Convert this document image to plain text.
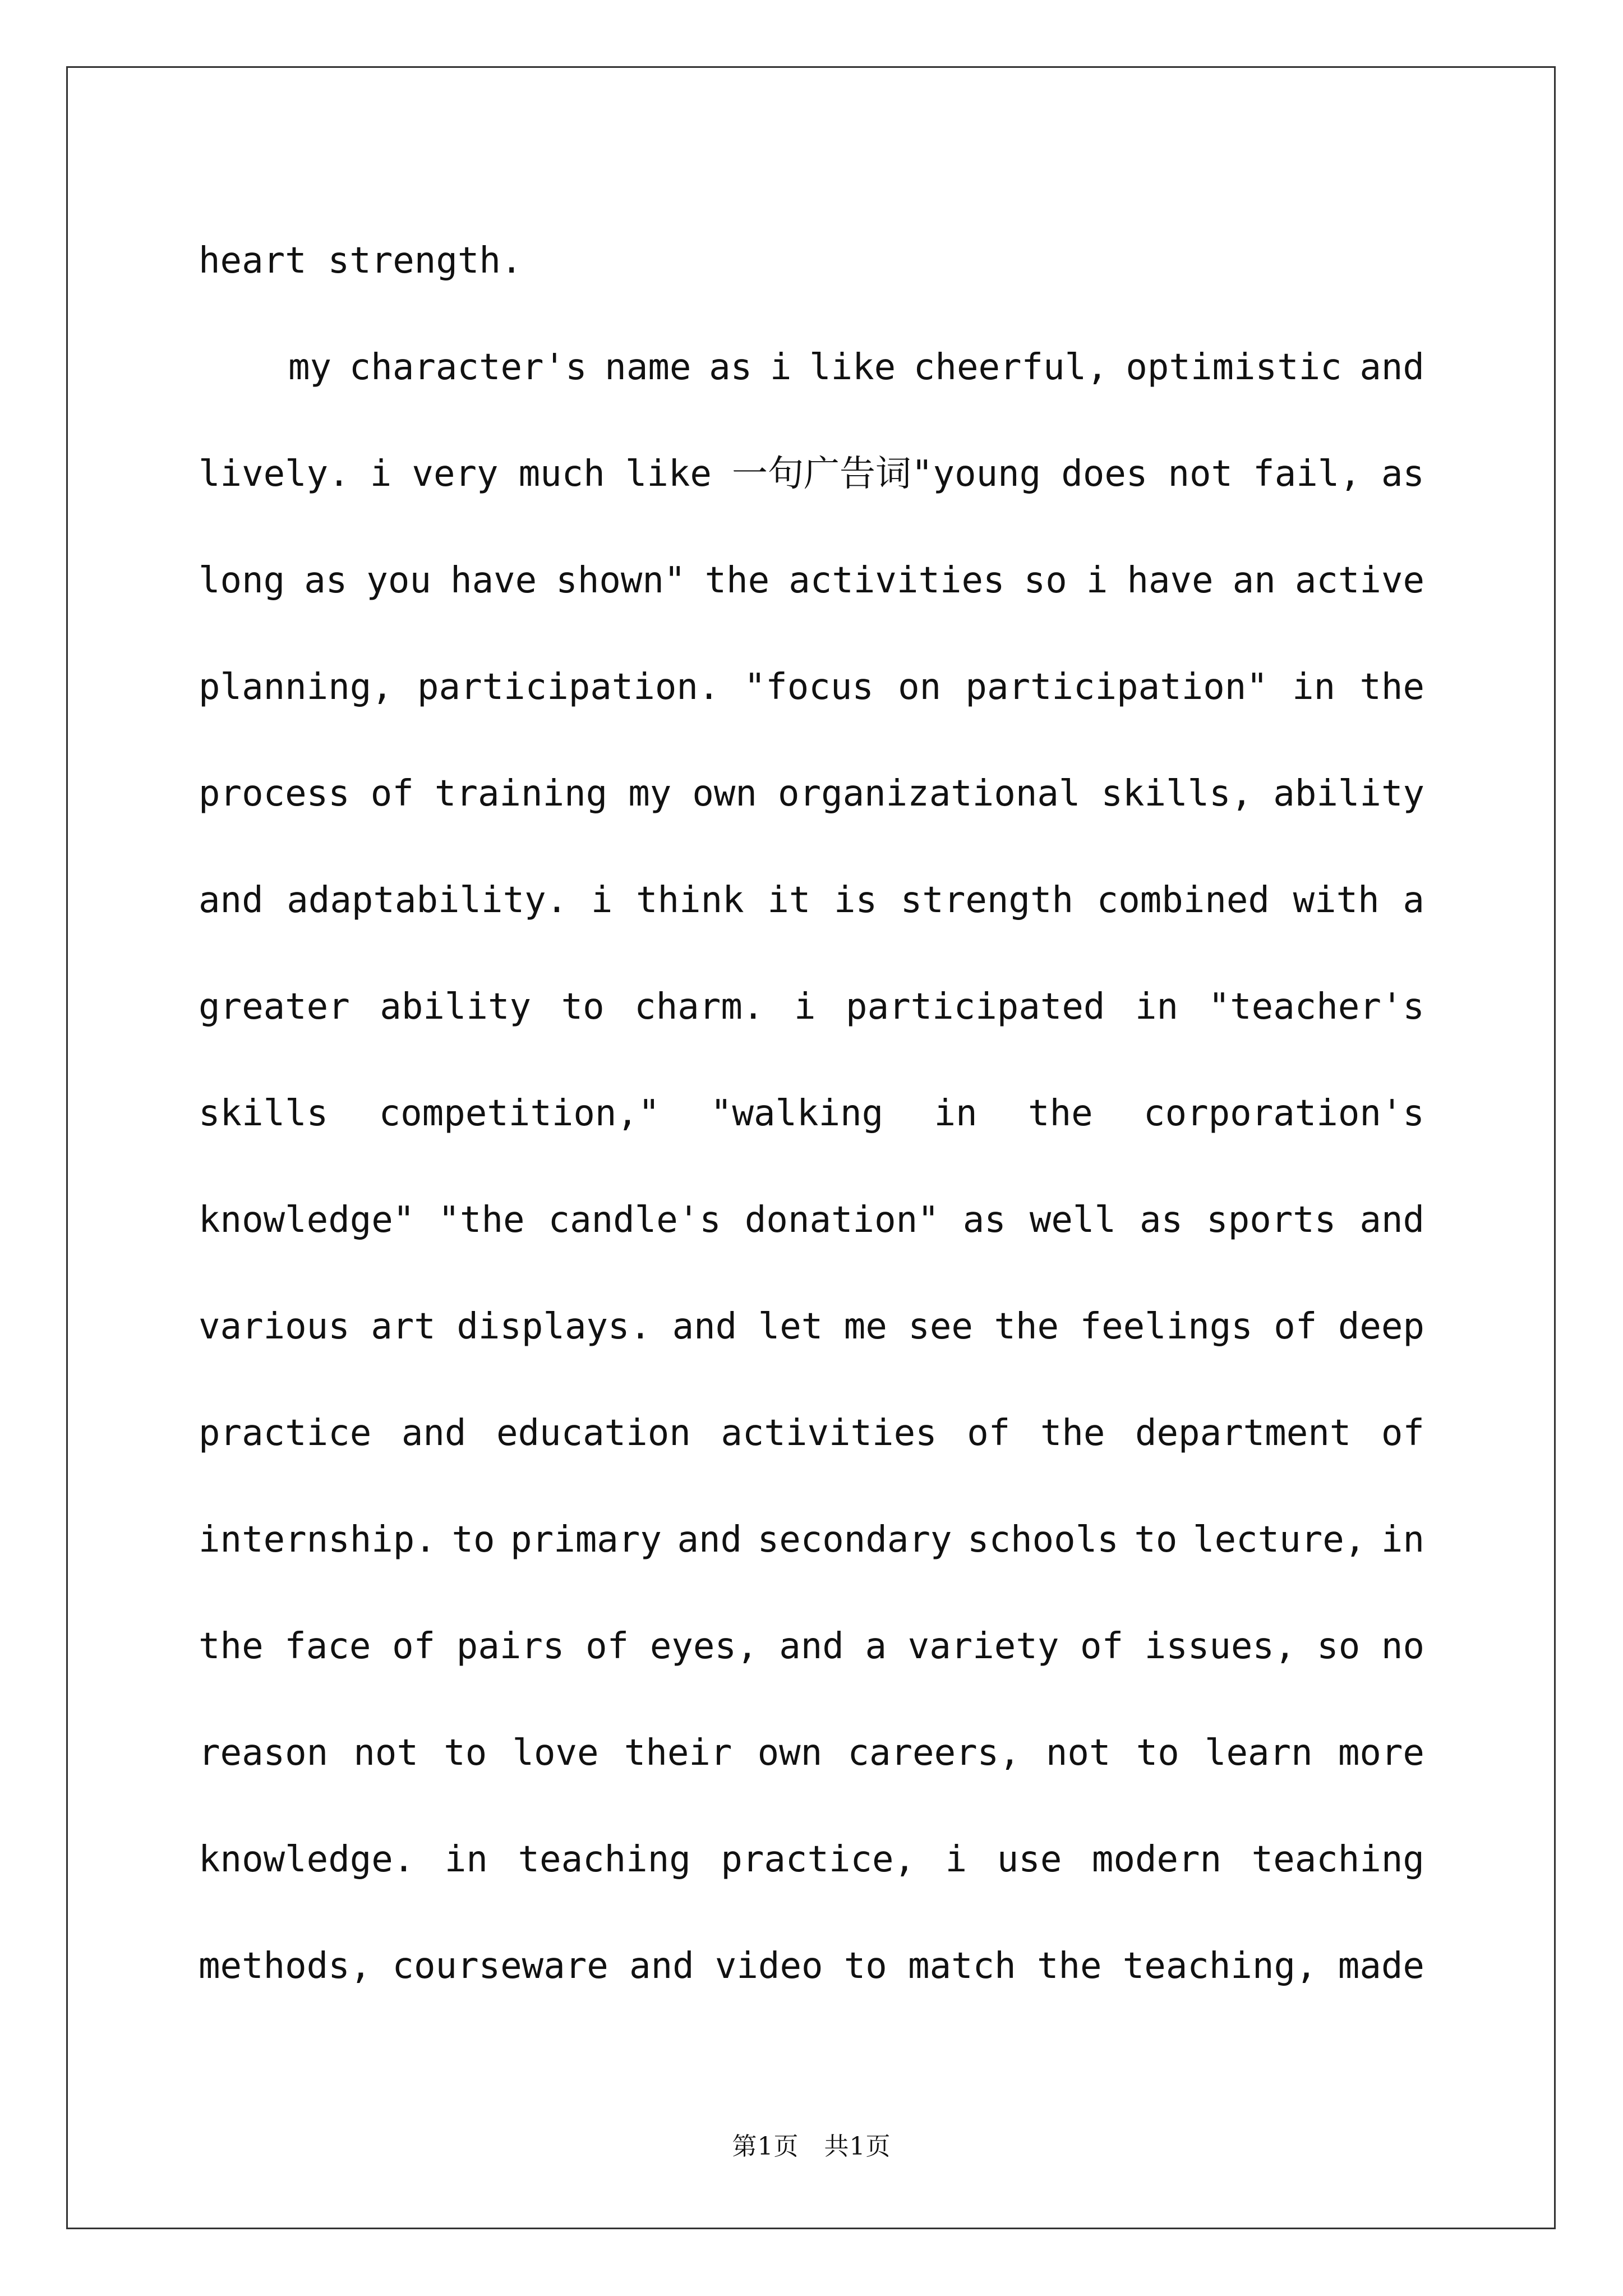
heart strength.
my character's name as i like cheerful, optimistic and
lively. i very much like 一句广告词"young does not fail, as
long as you have shown" the activities so i have an active
planning, participation. "focus on participation" in the
process of training my own organizational skills, ability
and adaptability. i think it is strength combined with a
greater ability to charm. i participated in "teacher's
skills competition," "walking in the corporation's
knowledge" "the candle's donation" as well as sports and
various art displays. and let me see the feelings of deep
practice and education activities of the department of
internship. to primary and secondary schools to lecture, in
the face of pairs of eyes, and a variety of issues, so no
reason not to love their own careers, not to learn more
knowledge. in teaching practice, i use modern teaching
methods, courseware and video to match the teaching, made
第1页　共1页
